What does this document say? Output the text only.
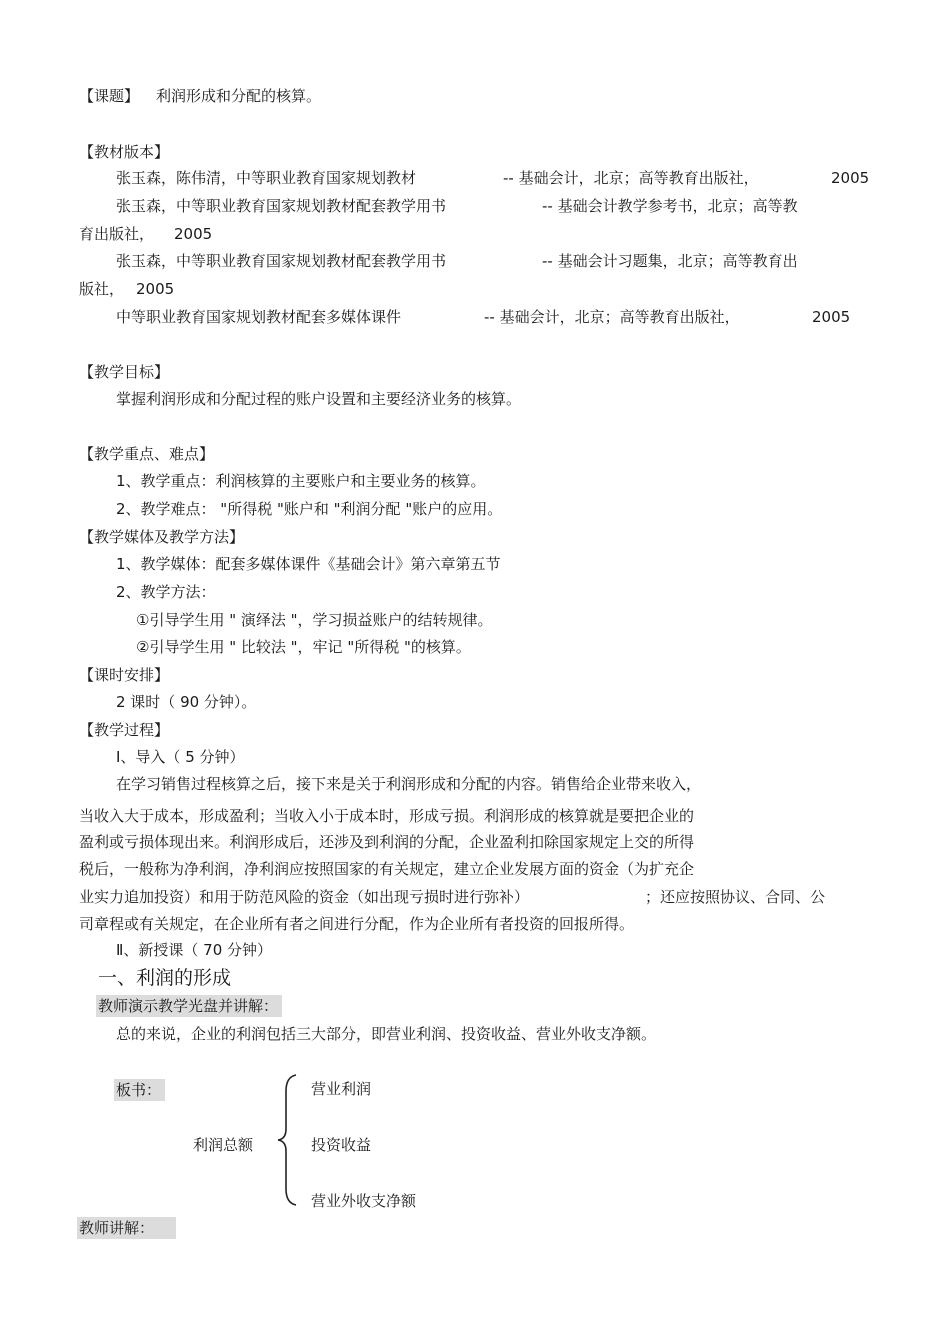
【课题】 利润形成和分配的核算。
【教材版本】
张玉森，陈伟清，中等职业教育国家规划教材	-- 基础会计，北京；高等教育出版社，	2005
张玉森，中等职业教育国家规划教材配套教学用书	-- 基础会计教学参考书，北京；高等教
育出版社， 2005
张玉森，中等职业教育国家规划教材配套教学用书	-- 基础会计习题集，北京；高等教育出
版社， 2005
中等职业教育国家规划教材配套多媒体课件	-- 基础会计，北京；高等教育出版社，	2005
【教学目标】
掌握利润形成和分配过程的账户设置和主要经济业务的核算。
【教学重点、难点】
1、教学重点：利润核算的主要账户和主要业务的核算。
2、教学难点： "所得税 "账户和 "利润分配 "账户的应用。
【教学媒体及教学方法】
1、教学媒体：配套多媒体课件《基础会计》第六章第五节
2、教学方法：
①引导学生用 " 演绎法 "，学习损益账户的结转规律。
②引导学生用 " 比较法 "，牢记 "所得税 "的核算。
【课时安排】
2 课时（ 90 分钟）。
【教学过程】
Ⅰ、导入（ 5 分钟）
在学习销售过程核算之后，接下来是关于利润形成和分配的内容。销售给企业带来收入，
当收入大于成本，形成盈利；当收入小于成本时，形成亏损。利润形成的核算就是要把企业的
盈利或亏损体现出来。利润形成后，还涉及到利润的分配，企业盈利扣除国家规定上交的所得
税后，一般称为净利润，净利润应按照国家的有关规定，建立企业发展方面的资金（为扩充企
业实力追加投资）和用于防范风险的资金（如出现亏损时进行弥补）	；还应按照协议、合同、公
司章程或有关规定，在企业所有者之间进行分配，作为企业所有者投资的回报所得。
Ⅱ、新授课（ 70 分钟）
一、利润的形成
教师演示教学光盘并讲解：
总的来说，企业的利润包括三大部分，即营业利润、投资收益、营业外收支净额。
板书：
利润总额
营业利润
投资收益
营业外收支净额
教师讲解：
